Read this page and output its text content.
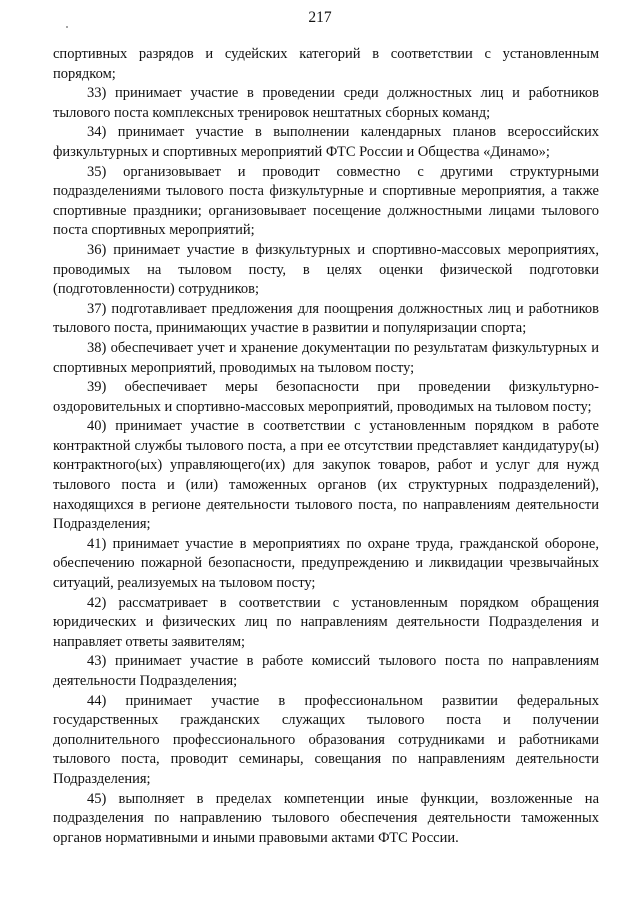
217

спортивных разрядов и судейских категорий в соответствии с установленным порядком;

33) принимает участие в проведении среди должностных лиц и работников тылового поста комплексных тренировок нештатных сборных команд;

34) принимает участие в выполнении календарных планов всероссийских физкультурных и спортивных мероприятий ФТС России и Общества «Динамо»;

35) организовывает и проводит совместно с другими структурными подразделениями тылового поста физкультурные и спортивные мероприятия, а также спортивные праздники; организовывает посещение должностными лицами тылового поста спортивных мероприятий;

36) принимает участие в физкультурных и спортивно-массовых мероприятиях, проводимых на тыловом посту, в целях оценки физической подготовки (подготовленности) сотрудников;

37) подготавливает предложения для поощрения должностных лиц и работников тылового поста, принимающих участие в развитии и популяризации спорта;

38) обеспечивает учет и хранение документации по результатам физкультурных и спортивных мероприятий, проводимых на тыловом посту;

39) обеспечивает меры безопасности при проведении физкультурно-оздоровительных и спортивно-массовых мероприятий, проводимых на тыловом посту;

40) принимает участие в соответствии с установленным порядком в работе контрактной службы тылового поста, а при ее отсутствии представляет кандидатуру(ы) контрактного(ых) управляющего(их) для закупок товаров, работ и услуг для нужд тылового поста и (или) таможенных органов (их структурных подразделений), находящихся в регионе деятельности тылового поста, по направлениям деятельности Подразделения;

41) принимает участие в мероприятиях по охране труда, гражданской обороне, обеспечению пожарной безопасности, предупреждению и ликвидации чрезвычайных ситуаций, реализуемых на тыловом посту;

42) рассматривает в соответствии с установленным порядком обращения юридических и физических лиц по направлениям деятельности Подразделения и направляет ответы заявителям;

43) принимает участие в работе комиссий тылового поста по направлениям деятельности Подразделения;

44) принимает участие в профессиональном развитии федеральных государственных гражданских служащих тылового поста и получении дополнительного профессионального образования сотрудниками и работниками тылового поста, проводит семинары, совещания по направлениям деятельности Подразделения;

45) выполняет в пределах компетенции иные функции, возложенные на подразделения по направлению тылового обеспечения деятельности таможенных органов нормативными и иными правовыми актами ФТС России.
